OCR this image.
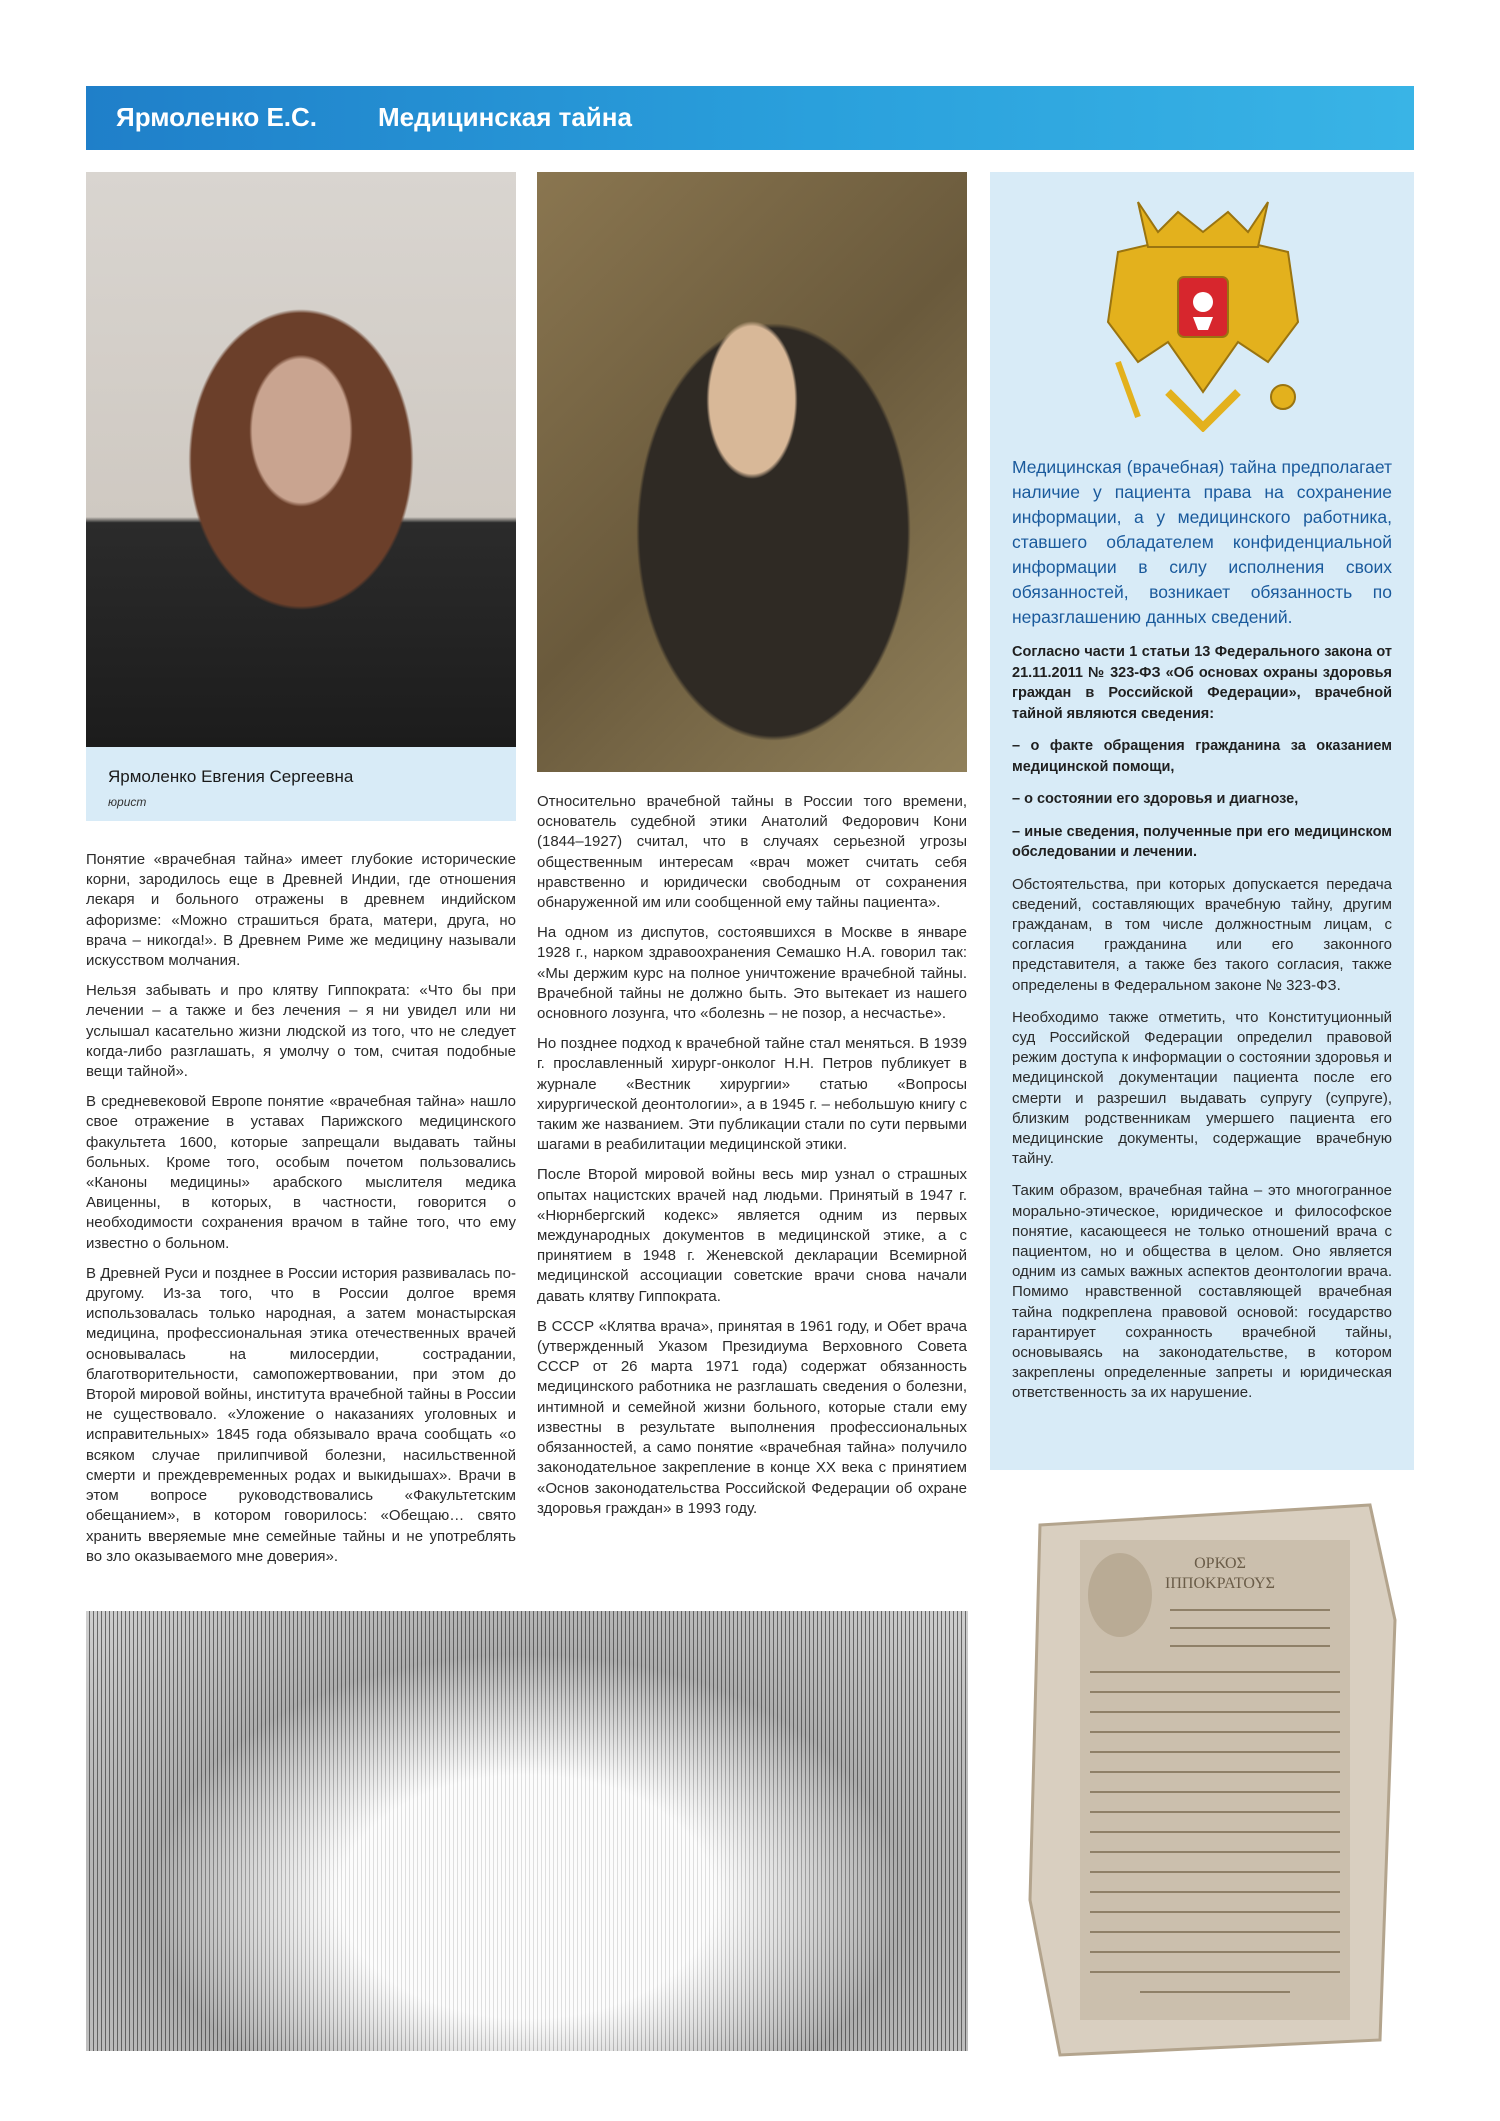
Ярмоленко Е.С. Медицинская тайна
Ярмоленко Евгения Сергеевна
юрист

Понятие «врачебная тайна» имеет глубокие исторические корни, зародилось еще в Древней Индии, где отношения лекаря и больного отражены в древнем индийском афоризме: «Можно страшиться брата, матери, друга, но врача – никогда!». В Древнем Риме же медицину называли искусством молчания.

Нельзя забывать и про клятву Гиппократа: «Что бы при лечении – а также и без лечения – я ни увидел или ни услышал касательно жизни людской из того, что не следует когда-либо разглашать, я умолчу о том, считая подобные вещи тайной».

В средневековой Европе понятие «врачебная тайна» нашло свое отражение в уставах Парижского медицинского факультета 1600, которые запрещали выдавать тайны больных. Кроме того, особым почетом пользовались «Каноны медицины» арабского мыслителя медика Авиценны, в которых, в частности, говорится о необходимости сохранения врачом в тайне того, что ему известно о больном.

В Древней Руси и позднее в России история развивалась по-другому. Из-за того, что в России долгое время использовалась только народная, а затем монастырская медицина, профессиональная этика отечественных врачей основывалась на милосердии, сострадании, благотворительности, самопожертвовании, при этом до Второй мировой войны, института врачебной тайны в России не существовало. «Уложение о наказаниях уголовных и исправительных» 1845 года обязывало врача сообщать «о всяком случае прилипчивой болезни, насильственной смерти и преждевременных родах и выкидышах». Врачи в этом вопросе руководствовались «Факультетским обещанием», в котором говорилось: «Обещаю… свято хранить вверяемые мне семейные тайны и не употреблять во зло оказываемого мне доверия».

Относительно врачебной тайны в России того времени, основатель судебной этики Анатолий Федорович Кони (1844–1927) считал, что в случаях серьезной угрозы общественным интересам «врач может считать себя нравственно и юридически свободным от сохранения обнаруженной им или сообщенной ему тайны пациента».

На одном из диспутов, состоявшихся в Москве в январе 1928 г., нарком здравоохранения Семашко Н.А. говорил так: «Мы держим курс на полное уничтожение врачебной тайны. Врачебной тайны не должно быть. Это вытекает из нашего основного лозунга, что «болезнь – не позор, а несчастье».

Но позднее подход к врачебной тайне стал меняться. В 1939 г. прославленный хирург-онколог Н.Н. Петров публикует в журнале «Вестник хирургии» статью «Вопросы хирургической деонтологии», а в 1945 г. – небольшую книгу с таким же названием. Эти публикации стали по сути первыми шагами в реабилитации медицинской этики.

После Второй мировой войны весь мир узнал о страшных опытах нацистских врачей над людьми. Принятый в 1947 г. «Нюрнбергский кодекс» является одним из первых международных документов в медицинской этике, а с принятием в 1948 г. Женевской декларации Всемирной медицинской ассоциации советские врачи снова начали давать клятву Гиппократа.

В СССР «Клятва врача», принятая в 1961 году, и Обет врача (утвержденный Указом Президиума Верховного Совета СССР от 26 марта 1971 года) содержат обязанность медицинского работника не разглашать сведения о болезни, интимной и семейной жизни больного, которые стали ему известны в результате выполнения профессиональных обязанностей, а само понятие «врачебная тайна» получило законодательное закрепление в конце XX века с принятием «Основ законодательства Российской Федерации об охране здоровья граждан» в 1993 году.

Медицинская (врачебная) тайна предполагает наличие у пациента права на сохранение информации, а у медицинского работника, ставшего обладателем конфиденциальной информации в силу исполнения своих обязанностей, возникает обязанность по неразглашению данных сведений.

Согласно части 1 статьи 13 Федерального закона от 21.11.2011 № 323-ФЗ «Об основах охраны здоровья граждан в Российской Федерации», врачебной тайной являются сведения:

– о факте обращения гражданина за оказанием медицинской помощи,

– о состоянии его здоровья и диагнозе,

– иные сведения, полученные при его медицинском обследовании и лечении.

Обстоятельства, при которых допускается передача сведений, составляющих врачебную тайну, другим гражданам, в том числе должностным лицам, с согласия гражданина или его законного представителя, а также без такого согласия, также определены в Федеральном законе № 323-ФЗ.

Необходимо также отметить, что Конституционный суд Российской Федерации определил правовой режим доступа к информации о состоянии здоровья и медицинской документации пациента после его смерти и разрешил выдавать супругу (супруге), близким родственникам умершего пациента его медицинские документы, содержащие врачебную тайну.

Таким образом, врачебная тайна – это многогранное морально-этическое, юридическое и философское понятие, касающееся не только отношений врача с пациентом, но и общества в целом. Оно является одним из самых важных аспектов деонтологии врача. Помимо нравственной составляющей врачебная тайна подкреплена правовой основой: государство гарантирует сохранность врачебной тайны, основываясь на законодательстве, в котором закреплены определенные запреты и юридическая ответственность за их нарушение.

ΟΡΚΟΣ
ΙΠΠΟΚΡΑΤΟΥΣ
